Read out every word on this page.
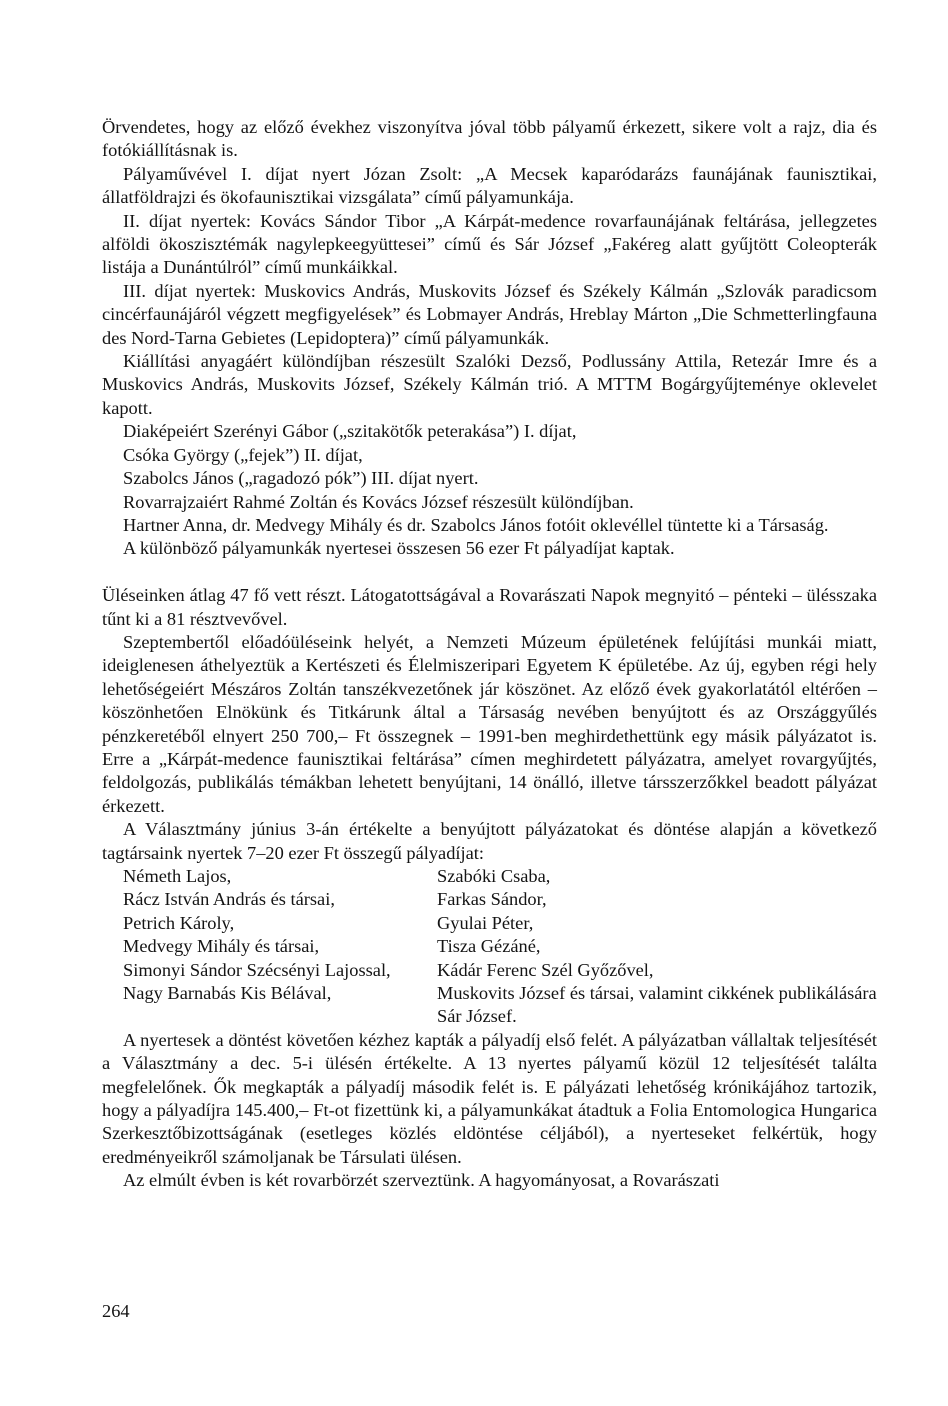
Örvendetes, hogy az előző évekhez viszonyítva jóval több pályamű érkezett, sikere volt a rajz, dia és fotókiállításnak is.

Pályaművével I. díjat nyert Józan Zsolt: „A Mecsek kaparódarázs faunájának faunisztikai, állatföldrajzi és ökofaunisztikai vizsgálata” című pályamunkája.

II. díjat nyertek: Kovács Sándor Tibor „A Kárpát-medence rovarfaunájának feltárása, jellegzetes alföldi ökoszisztémák nagylepkeegyüttesei” című és Sár József „Fakéreg alatt gyűjtött Coleopterák listája a Dunántúlról” című munkáikkal.

III. díjat nyertek: Muskovics András, Muskovits József és Székely Kálmán „Szlovák paradicsom cincérfaunájáról végzett megfigyelések” és Lobmayer András, Hreblay Márton „Die Schmetterlingfauna des Nord-Tarna Gebietes (Lepidoptera)” című pályamunkák.

Kiállítási anyagáért különdíjban részesült Szalóki Dezső, Podlussány Attila, Retezár Imre és a Muskovics András, Muskovits József, Székely Kálmán trió. A MTTM Bogárgyűjteménye oklevelet kapott.

Diaképeiért Szerényi Gábor („szitakötők peterakása”) I. díjat,

Csóka György („fejek”) II. díjat,

Szabolcs János („ragadozó pók”) III. díjat nyert.

Rovarrajzaiért Rahmé Zoltán és Kovács József részesült különdíjban.

Hartner Anna, dr. Medvegy Mihály és dr. Szabolcs János fotóit oklevéllel tüntette ki a Társaság.

A különböző pályamunkák nyertesei összesen 56 ezer Ft pályadíjat kaptak.

Üléseinken átlag 47 fő vett részt. Látogatottságával a Rovarászati Napok megnyitó – pénteki – ülésszaka tűnt ki a 81 résztvevővel.

Szeptembertől előadóüléseink helyét, a Nemzeti Múzeum épületének felújítási munkái miatt, ideiglenesen áthelyeztük a Kertészeti és Élelmiszeripari Egyetem K épületébe. Az új, egyben régi hely lehetőségeiért Mészáros Zoltán tanszékvezetőnek jár köszönet. Az előző évek gyakorlatától eltérően – köszönhetően Elnökünk és Titkárunk által a Társaság nevében benyújtott és az Országgyűlés pénzkeretéből elnyert 250 700,– Ft összegnek – 1991-ben meghirdethettünk egy másik pályázatot is. Erre a „Kárpát-medence faunisztikai feltárása” címen meghirdetett pályázatra, amelyet rovargyűjtés, feldolgozás, publikálás témákban lehetett benyújtani, 14 önálló, illetve társszerzőkkel beadott pályázat érkezett.

A Választmány június 3-án értékelte a benyújtott pályázatokat és döntése alapján a következő tagtársaink nyertek 7–20 ezer Ft összegű pályadíjat:

Németh Lajos,	Szabóki Csaba,
Rácz István András és társai,	Farkas Sándor,
Petrich Károly,	Gyulai Péter,
Medvegy Mihály és társai,	Tisza Gézáné,
Simonyi Sándor Szécsényi Lajossal,	Kádár Ferenc Szél Győzővel,
Nagy Barnabás Kis Bélával,	Muskovits József és társai, valamint cikkének publikálására Sár József.

A nyertesek a döntést követően kézhez kapták a pályadíj első felét. A pályázatban vállaltak teljesítését a Választmány a dec. 5-i ülésén értékelte. A 13 nyertes pályamű közül 12 teljesítését találta megfelelőnek. Ők megkapták a pályadíj második felét is. E pályázati lehetőség krónikájához tartozik, hogy a pályadíjra 145.400,– Ft-ot fizettünk ki, a pályamunkákat átadtuk a Folia Entomologica Hungarica Szerkesztőbizottságának (esetleges közlés eldöntése céljából), a nyerteseket felkértük, hogy eredményeikről számoljanak be Társulati ülésen.

Az elmúlt évben is két rovarbörzét szerveztünk. A hagyományosat, a Rovarászati

264
